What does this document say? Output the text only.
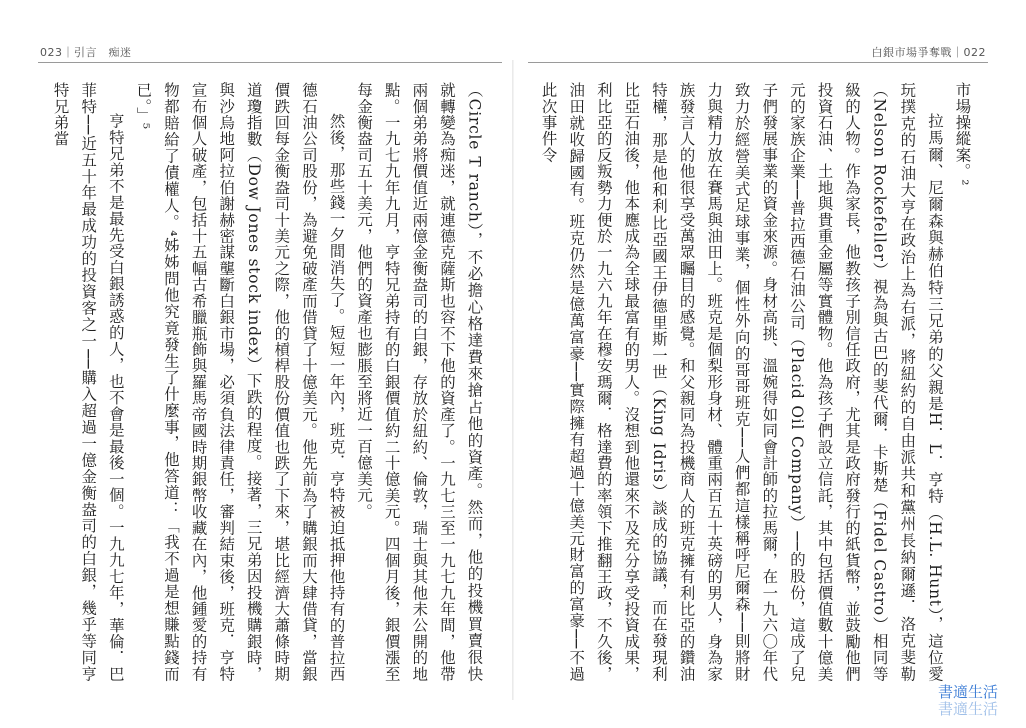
023｜引言　痴迷	白銀市場爭奪戰｜022

市場操縱案。²

拉馬爾、尼爾森與赫伯特三兄弟的父親是H．L．亨特（H.L. Hunt），這位愛玩撲克的石油大亨在政治上為右派，將紐約的自由派共和黨州長納爾遜．洛克斐勒（Nelson Rockefeller）視為與古巴的斐代爾．卡斯楚（Fidel Castro）相同等級的人物。作為家長，他教孩子別信任政府，尤其是政府發行的紙貨幣，並鼓勵他們投資石油、土地與貴重金屬等實體物。他為孩子們設立信託，其中包括價值數十億美元的家族企業──普拉西德石油公司（Placid Oil Company）──的股份，這成了兒子們發展事業的資金來源。身材高挑、溫婉得如同會計師的拉馬爾，在一九六〇年代致力於經營美式足球事業，個性外向的哥哥班克──人們都這樣稱呼尼爾森──則將財力與精力放在賽馬與油田上。班克是個梨形身材、體重兩百五十英磅的男人，身為家族發言人的他很享受萬眾矚目的感覺。和父親同為投機商人的班克擁有利比亞的鑽油特權，那是他和利比亞國王伊德里斯一世（King Idris）談成的協議，而在發現利比亞石油後，他本應成為全球最富有的男人。沒想到他還來不及充分享受投資成果，利比亞的反叛勢力便於一九六九年在穆安瑪爾．格達費的率領下推翻王政，不久後，油田就收歸國有。班克仍然是億萬富豪──實際擁有超過十億美元財富的富豪──不過此次事件令

（Circle T ranch），不必擔心格達費來搶占他的資產。然而，他的投機買賣很快就轉變為痴迷，就連德克薩斯也容不下他的資產了。一九七三至一九七九年間，他帶兩個弟弟將價值近兩億金衡盎司的白銀，存放於紐約、倫敦，瑞士與其他未公開的地點。一九七九年九月，亨特兄弟持有的白銀價值約二十億美元。四個月後，銀價漲至每金衡盎司五十美元，他們的資產也膨脹至將近一百億美元。

然後，那些錢一夕間消失了。短短一年內，班克．亨特被迫抵押他持有的普拉西德石油公司股份，為避免破產而借貸了十億美元。他先前為了購銀而大肆借貸，當銀價跌回每金衡盎司十美元之際，他的槓桿股份價值也跌了下來，堪比經濟大蕭條時期道瓊指數（Dow Jones stock index）下跌的程度。接著，三兄弟因投機購銀時，與沙烏地阿拉伯謝赫密謀壟斷白銀市場，必須負法律責任，審判結束後，班克．亨特宣布個人破產，包括十五幅古希臘瓶飾與羅馬帝國時期銀幣收藏在內，他鍾愛的持有物都賠給了債權人。⁴姊姊問他究竟發生了什麼事，他答道：「我不過是想賺點錢而已。」⁵

亨特兄弟不是最先受白銀誘惑的人，也不會是最後一個。一九九七年，華倫．巴菲特──近五十年最成功的投資客之一──購入超過一億金衡盎司的白銀，幾乎等同亨特兄弟當

書適生活
書適生活
